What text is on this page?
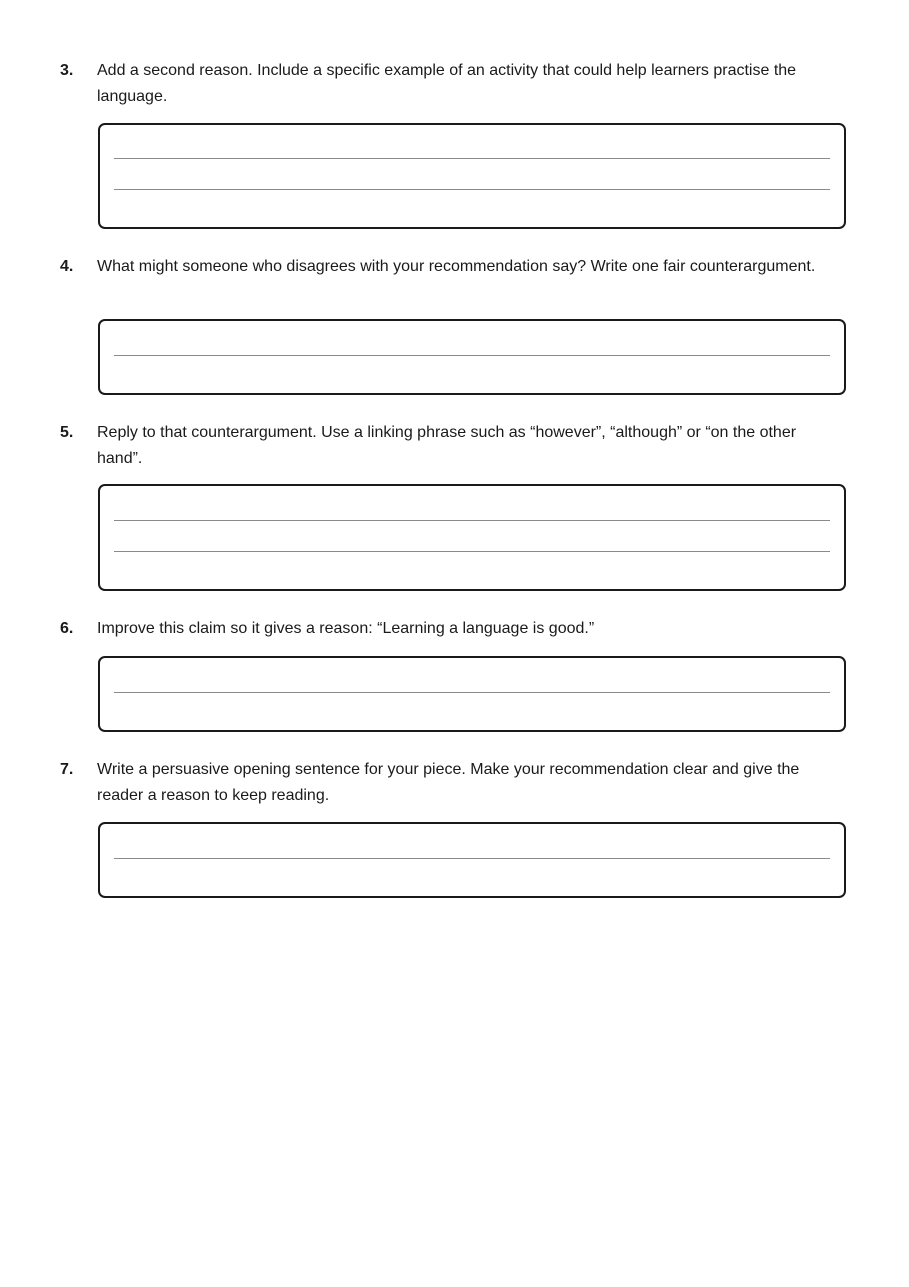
3. Add a second reason. Include a specific example of an activity that could help learners practise the language.
4. What might someone who disagrees with your recommendation say? Write one fair counterargument.
5. Reply to that counterargument. Use a linking phrase such as “however”, “although” or “on the other hand”.
6. Improve this claim so it gives a reason: “Learning a language is good.”
7. Write a persuasive opening sentence for your piece. Make your recommendation clear and give the reader a reason to keep reading.
